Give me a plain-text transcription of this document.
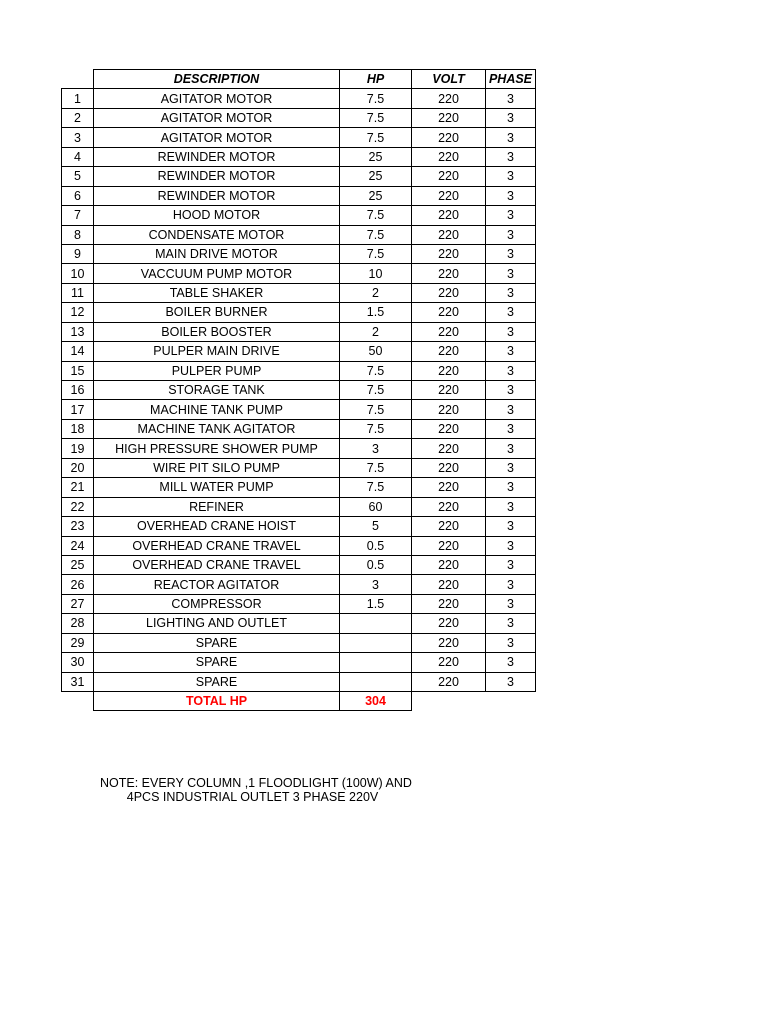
	DESCRIPTION	HP	VOLT	PHASE
1	AGITATOR MOTOR	7.5	220	3
2	AGITATOR MOTOR	7.5	220	3
3	AGITATOR MOTOR	7.5	220	3
4	REWINDER MOTOR	25	220	3
5	REWINDER MOTOR	25	220	3
6	REWINDER MOTOR	25	220	3
7	HOOD MOTOR	7.5	220	3
8	CONDENSATE MOTOR	7.5	220	3
9	MAIN DRIVE MOTOR	7.5	220	3
10	VACCUUM PUMP MOTOR	10	220	3
11	TABLE SHAKER	2	220	3
12	BOILER BURNER	1.5	220	3
13	BOILER BOOSTER	2	220	3
14	PULPER MAIN DRIVE	50	220	3
15	PULPER PUMP	7.5	220	3
16	STORAGE TANK	7.5	220	3
17	MACHINE TANK PUMP	7.5	220	3
18	MACHINE TANK AGITATOR	7.5	220	3
19	HIGH PRESSURE SHOWER PUMP	3	220	3
20	WIRE PIT SILO PUMP	7.5	220	3
21	MILL WATER PUMP	7.5	220	3
22	REFINER	60	220	3
23	OVERHEAD CRANE HOIST	5	220	3
24	OVERHEAD CRANE TRAVEL	0.5	220	3
25	OVERHEAD CRANE TRAVEL	0.5	220	3
26	REACTOR AGITATOR	3	220	3
27	COMPRESSOR	1.5	220	3
28	LIGHTING AND OUTLET		220	3
29	SPARE		220	3
30	SPARE		220	3
31	SPARE		220	3
	TOTAL HP	304		
NOTE: EVERY COLUMN ,1 FLOODLIGHT (100W) AND
4PCS INDUSTRIAL OUTLET 3 PHASE 220V
